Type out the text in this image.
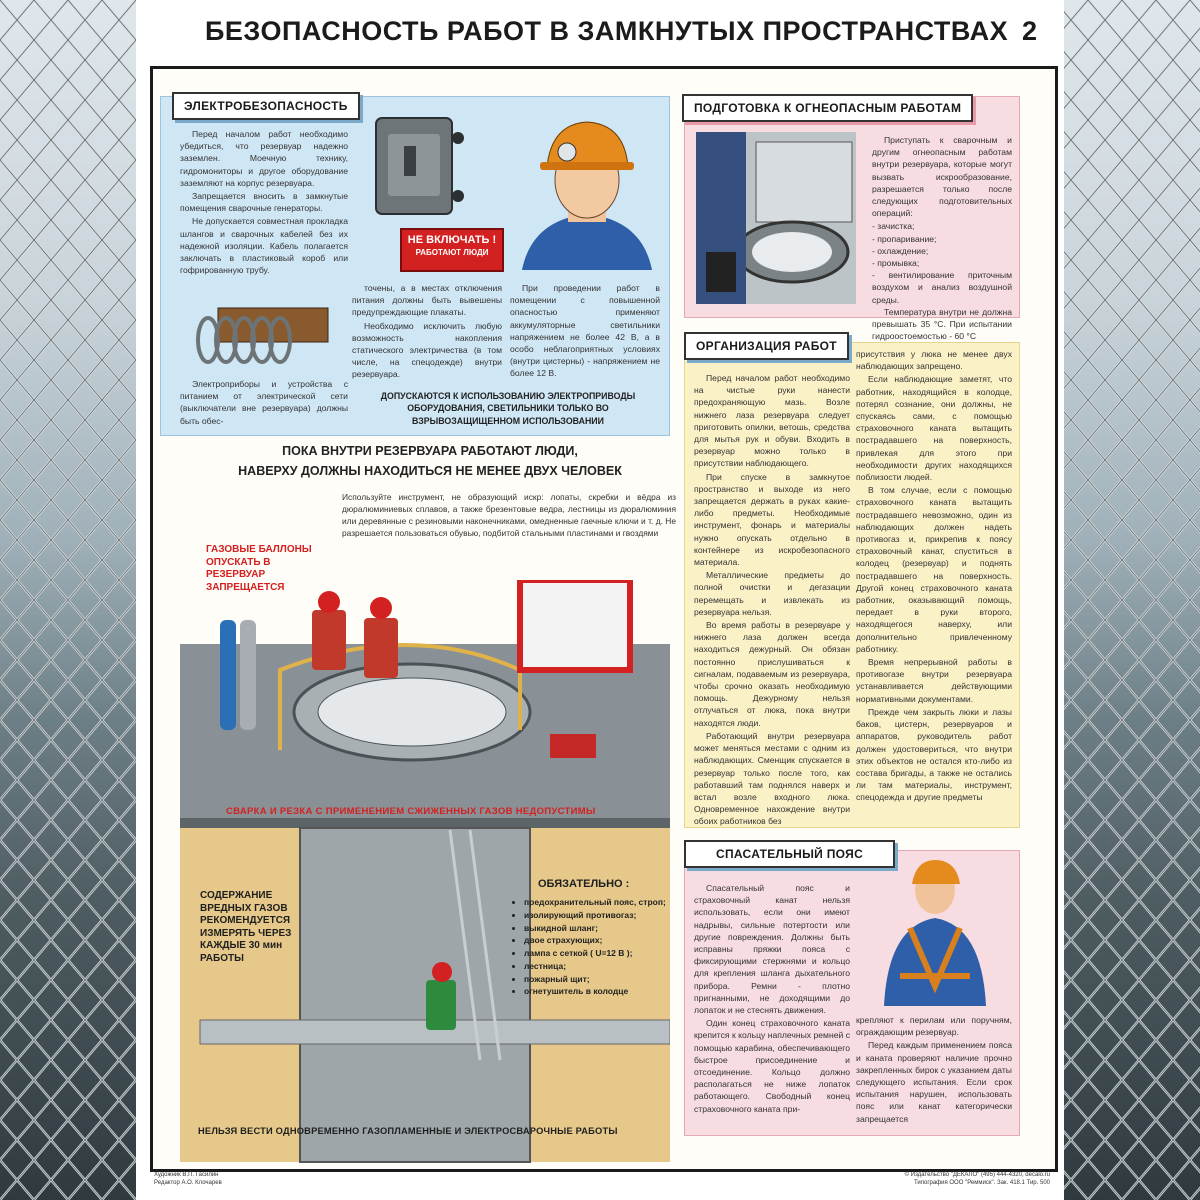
БЕЗОПАСНОСТЬ РАБОТ В ЗАМКНУТЫХ ПРОСТРАНСТВАХ 2
ЭЛЕКТРОБЕЗОПАСНОСТЬ

Перед началом работ необходимо убедиться, что резервуар надежно заземлен. Моечную технику, гидромониторы и другое оборудование заземляют на корпус резервуара.

Запрещается вносить в замкнутые помещения сварочные генераторы.

Не допускается совместная прокладка шлангов и сварочных кабелей без их надежной изоляции. Кабель полагается заключать в пластиковый короб или гофрированную трубу.

Электроприборы и устройства с питанием от электрической сети (выключатели вне резервуара) должны быть обес-

НЕ ВКЛЮЧАТЬ !
РАБОТАЮТ ЛЮДИ

точены, а в местах отключения питания должны быть вывешены предупреждающие плакаты.

Необходимо исключить любую возможность накопления статического электричества (в том числе, на спецодежде) внутри резервуара.

При проведении работ в помещении с повышенной опасностью применяют аккумуляторные светильники напряжением не более 42 В, а в особо неблагоприятных условиях (внутри цистерны) - напряжением не более 12 В.

ДОПУСКАЮТСЯ К ИСПОЛЬЗОВАНИЮ ЭЛЕКТРОПРИВОДЫ ОБОРУДОВАНИЯ, СВЕТИЛЬНИКИ ТОЛЬКО ВО ВЗРЫВОЗАЩИЩЕННОМ ИСПОЛЬЗОВАНИИ
ПОДГОТОВКА К ОГНЕОПАСНЫМ РАБОТАМ

Приступать к сварочным и другим огнеопасным работам внутри резервуара, которые могут вызвать искрообразование, разрешается только после следующих подготовительных операций:

- зачистка;
- пропаривание;
- охлаждение;
- промывка;
- вентилирование приточным воздухом и анализ воздушной среды.

Температура внутри не должна превышать 35 °С. При испытании гидроостоемостью - 60 °С

ПОКА ВНУТРИ РЕЗЕРВУАРА РАБОТАЮТ ЛЮДИ,
НАВЕРХУ ДОЛЖНЫ НАХОДИТЬСЯ НЕ МЕНЕЕ ДВУХ ЧЕЛОВЕК
Используйте инструмент, не образующий искр: лопаты, скребки и вёдра из дюралюминиевых сплавов, а также брезентовые ведра, лестницы из дюралюминия или деревянные с резиновыми наконечниками, омедненные гаечные ключи и т. д. Не разрешается пользоваться обувью, подбитой стальными пластинами и гвоздями
ГАЗОВЫЕ БАЛЛОНЫ ОПУСКАТЬ В РЕЗЕРВУАР ЗАПРЕЩАЕТСЯ
СВАРКА И РЕЗКА С ПРИМЕНЕНИЕМ СЖИЖЕННЫХ ГАЗОВ НЕДОПУСТИМЫ
СОДЕРЖАНИЕ ВРЕДНЫХ ГАЗОВ РЕКОМЕНДУЕТСЯ ИЗМЕРЯТЬ ЧЕРЕЗ КАЖДЫЕ 30 мин РАБОТЫ
ОБЯЗАТЕЛЬНО :
• предохранительный пояс, строп;
• изолирующий противогаз;
• выкидной шланг;
• двое страхующих;
• лампа с сеткой ( U=12 В );
• лестница;
• пожарный щит;
• огнетушитель в колодце
НЕЛЬЗЯ ВЕСТИ ОДНОВРЕМЕННО ГАЗОПЛАМЕННЫЕ И ЭЛЕКТРОСВАРОЧНЫЕ РАБОТЫ
ОРГАНИЗАЦИЯ РАБОТ

Перед началом работ необходимо на чистые руки нанести предохраняющую мазь. Возле нижнего лаза резервуара следует приготовить опилки, ветошь, средства для мытья рук и обуви. Входить в резервуар можно только в присутствии наблюдающего.

При спуске в замкнутое пространство и выходе из него запрещается держать в руках какие-либо предметы. Необходимые инструмент, фонарь и материалы нужно опускать отдельно в контейнере из искробезопасного материала.

Металлические предметы до полной очистки и дегазации перемещать и извлекать из резервуара нельзя.

Во время работы в резервуаре у нижнего лаза должен всегда находиться дежурный. Он обязан постоянно прислушиваться к сигналам, подаваемым из резервуара, чтобы срочно оказать необходимую помощь. Дежурному нельзя отлучаться от люка, пока внутри находятся люди.

Работающий внутри резервуара может меняться местами с одним из наблюдающих. Сменщик спускается в резервуар только после того, как работавший там поднялся наверх и встал возле входного люка. Одновременное нахождение внутри обоих работников без

присутствия у люка не менее двух наблюдающих запрещено.

Если наблюдающие заметят, что работник, находящийся в колодце, потерял сознание, они должны, не спускаясь сами, с помощью страховочного каната вытащить пострадавшего на поверхность, привлекая для этого при необходимости других находящихся поблизости людей.

В том случае, если с помощью страховочного каната вытащить пострадавшего невозможно, один из наблюдающих должен надеть противогаз и, прикрепив к поясу страховочный канат, спуститься в колодец (резервуар) и поднять пострадавшего на поверхность. Другой конец страховочного каната работник, оказывающий помощь, передает в руки второго, находящегося наверху, или дополнительно привлеченному работнику.

Время непрерывной работы в противогазе внутри резервуара устанавливается действующими нормативными документами.

Прежде чем закрыть люки и лазы баков, цистерн, резервуаров и аппаратов, руководитель работ должен удостовериться, что внутри этих объектов не остался кто-либо из состава бригады, а также не остались ли там материалы, инструмент, спецодежда и другие предметы

СПАСАТЕЛЬНЫЙ ПОЯС

Спасательный пояс и страховочный канат нельзя использовать, если они имеют надрывы, сильные потертости или другие повреждения. Должны быть исправны пряжки пояса с фиксирующими стержнями и кольцо для крепления шланга дыхательного прибора. Ремни - плотно пригнанными, не доходящими до лопаток и не стеснять движения.

Один конец страховочного каната крепится к кольцу наплечных ремней с помощью карабина, обеспечивающего быстрое присоединение и отсоединение. Кольцо должно располагаться не ниже лопаток работающего. Свободный конец страховочного каната при-

крепляют к перилам или поручням, ограждающим резервуар.

Перед каждым применением пояса и каната проверяют наличие прочно закрепленных бирок с указанием даты следующего испытания. Если срок испытания нарушен, использовать пояс или канат категорически запрещается

Художник В.П. Гасилин
Редактор А.О. Клочарев
© Издательство "ДЕКАЛО" (495) 444-4320, decalo.ru
Типография ООО "Реммиск". Зак. 418.1 Тир. 500
